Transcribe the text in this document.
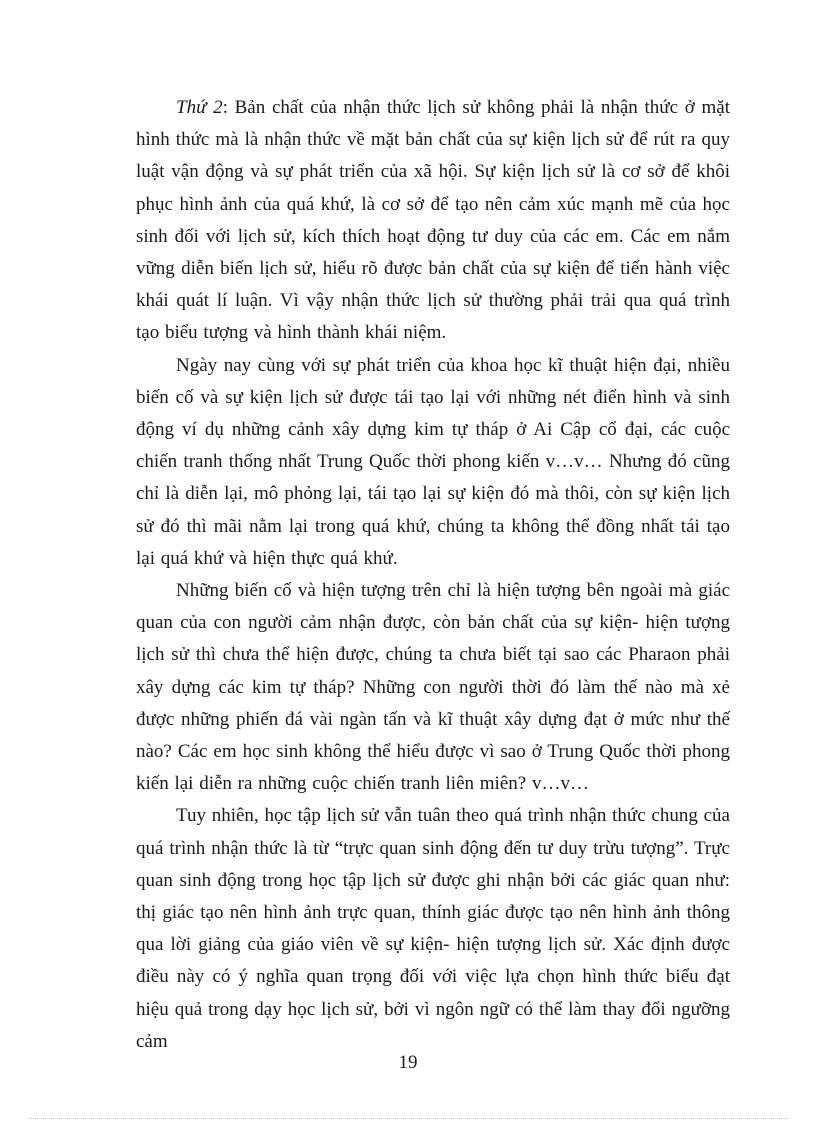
Thứ 2: Bản chất của nhận thức lịch sử không phải là nhận thức ở mặt hình thức mà là nhận thức về mặt bản chất của sự kiện lịch sử để rút ra quy luật vận động và sự phát triển của xã hội. Sự kiện lịch sử là cơ sở để khôi phục hình ảnh của quá khứ, là cơ sở để tạo nên cảm xúc mạnh mẽ của học sinh đối với lịch sử, kích thích hoạt động tư duy của các em. Các em nắm vững diễn biến lịch sử, hiểu rõ được bản chất của sự kiện để tiến hành việc khái quát lí luận. Vì vậy nhận thức lịch sử thường phải trải qua quá trình tạo biểu tượng và hình thành khái niệm.

Ngày nay cùng với sự phát triển của khoa học kĩ thuật hiện đại, nhiều biến cố và sự kiện lịch sử được tái tạo lại với những nét điển hình và sinh động ví dụ những cảnh xây dựng kim tự tháp ở Ai Cập cổ đại, các cuộc chiến tranh thống nhất Trung Quốc thời phong kiến v…v… Nhưng đó cũng chỉ là diễn lại, mô phỏng lại, tái tạo lại sự kiện đó mà thôi, còn sự kiện lịch sử đó thì mãi nằm lại trong quá khứ, chúng ta không thể đồng nhất tái tạo lại quá khứ và hiện thực quá khứ.

Những biến cố và hiện tượng trên chỉ là hiện tượng bên ngoài mà giác quan của con người cảm nhận được, còn bản chất của sự kiện- hiện tượng lịch sử thì chưa thể hiện được, chúng ta chưa biết tại sao các Pharaon phải xây dựng các kim tự tháp? Những con người thời đó làm thế nào mà xẻ được những phiến đá vài ngàn tấn và kĩ thuật xây dựng đạt ở mức như thế nào? Các em học sinh không thể hiểu được vì sao ở Trung Quốc thời phong kiến lại diễn ra những cuộc chiến tranh liên miên? v…v…

Tuy nhiên, học tập lịch sử vẫn tuân theo quá trình nhận thức chung của quá trình nhận thức là từ “trực quan sinh động đến tư duy trừu tượng”. Trực quan sinh động trong học tập lịch sử được ghi nhận bởi các giác quan như: thị giác tạo nên hình ảnh trực quan, thính giác được tạo nên hình ảnh thông qua lời giảng của giáo viên về sự kiện- hiện tượng lịch sử. Xác định được điều này có ý nghĩa quan trọng đối với việc lựa chọn hình thức biểu đạt hiệu quả trong dạy học lịch sử, bởi vì ngôn ngữ có thể làm thay đổi ngưỡng cảm

19
